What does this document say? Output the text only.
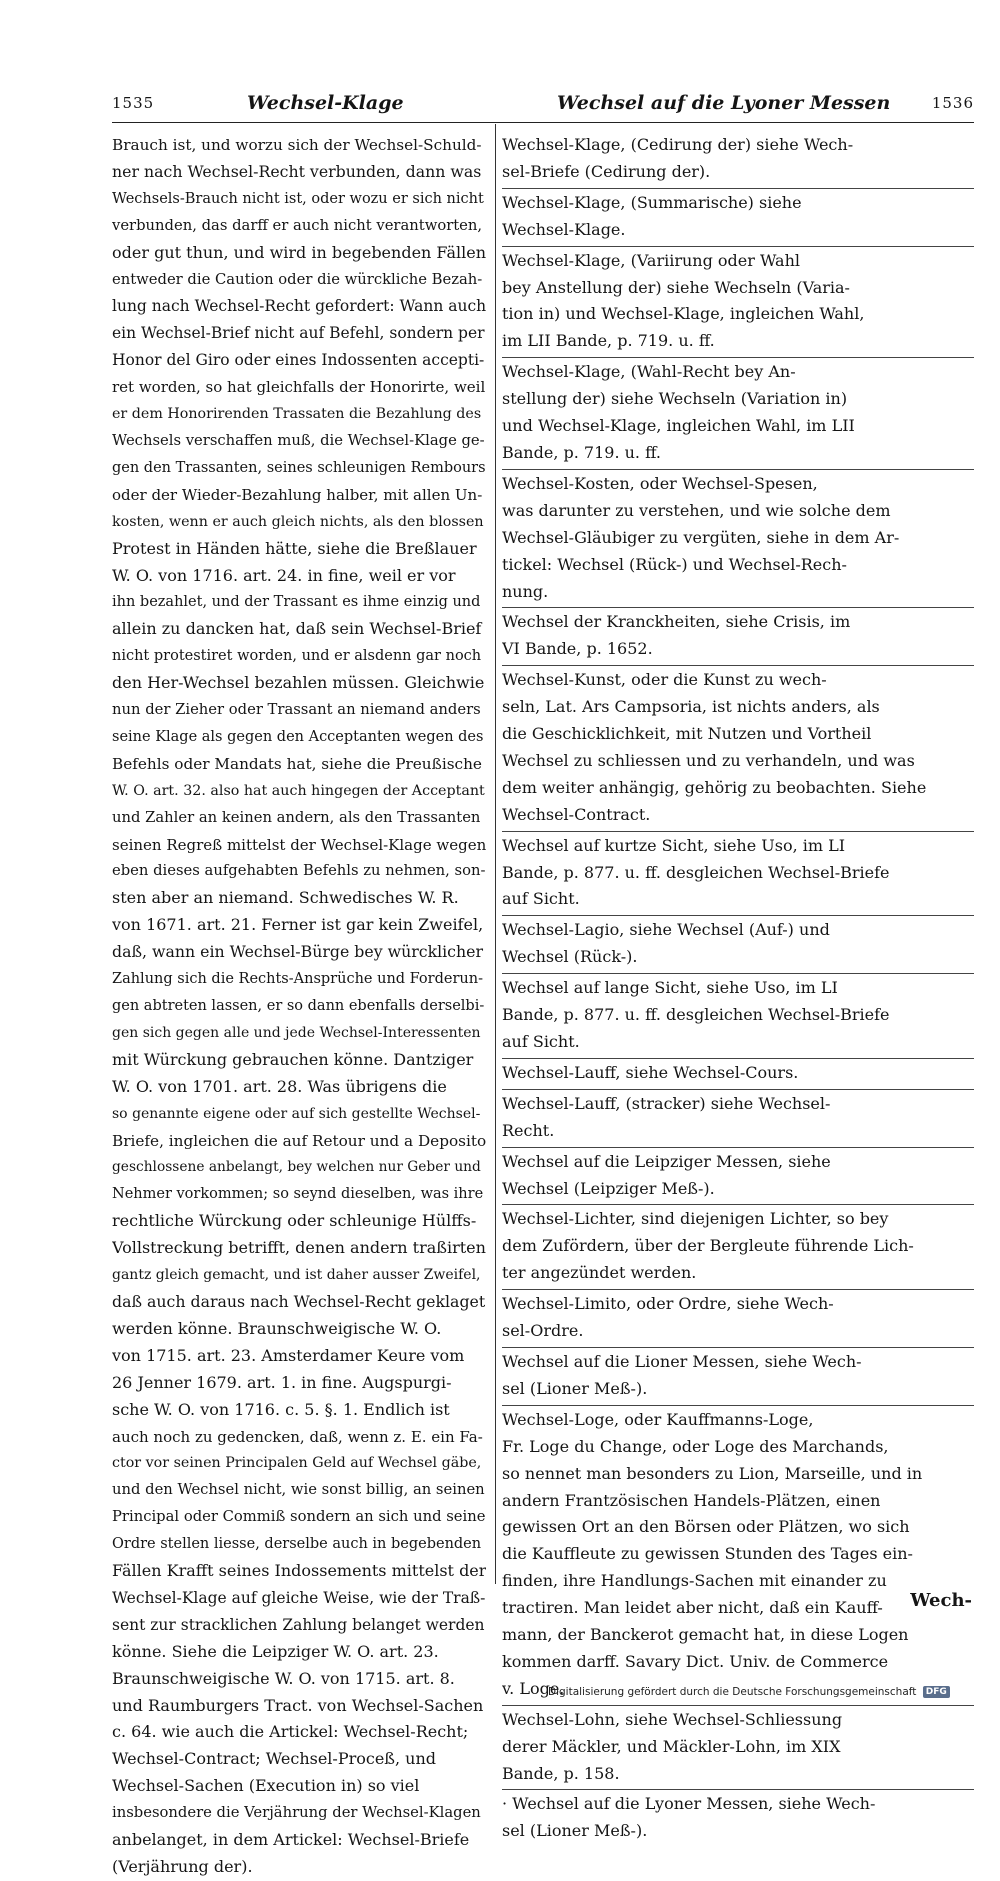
1535	Wechsel-Klage	Wechsel auf die Lyoner Messen	1536
Brauch ist, und worzu sich der Wechsel-Schuld-
ner nach Wechsel-Recht verbunden, dann was
Wechsels-Brauch nicht ist, oder wozu er sich nicht
verbunden, das darff er auch nicht verantworten,
oder gut thun, und wird in begebenden Fällen
entweder die Caution oder die würckliche Bezah-
lung nach Wechsel-Recht gefordert: Wann auch
ein Wechsel-Brief nicht auf Befehl, sondern per
Honor del Giro oder eines Indossenten accepti-
ret worden, so hat gleichfalls der Honorirte, weil
er dem Honorirenden Trassaten die Bezahlung des
Wechsels verschaffen muß, die Wechsel-Klage ge-
gen den Trassanten, seines schleunigen Rembours
oder der Wieder-Bezahlung halber, mit allen Un-
kosten, wenn er auch gleich nichts, als den blossen
Protest in Händen hätte, siehe die Breßlauer
W. O. von 1716. art. 24. in fine, weil er vor
ihn bezahlet, und der Trassant es ihme einzig und
allein zu dancken hat, daß sein Wechsel-Brief
nicht protestiret worden, und er alsdenn gar noch
den Her-Wechsel bezahlen müssen. Gleichwie
nun der Zieher oder Trassant an niemand anders
seine Klage als gegen den Acceptanten wegen des
Befehls oder Mandats hat, siehe die Preußische
W. O. art. 32. also hat auch hingegen der Acceptant
und Zahler an keinen andern, als den Trassanten
seinen Regreß mittelst der Wechsel-Klage wegen
eben dieses aufgehabten Befehls zu nehmen, son-
sten aber an niemand. Schwedisches W. R.
von 1671. art. 21. Ferner ist gar kein Zweifel,
daß, wann ein Wechsel-Bürge bey würcklicher
Zahlung sich die Rechts-Ansprüche und Forderun-
gen abtreten lassen, er so dann ebenfalls derselbi-
gen sich gegen alle und jede Wechsel-Interessenten
mit Würckung gebrauchen könne. Dantziger
W. O. von 1701. art. 28. Was übrigens die
so genannte eigene oder auf sich gestellte Wechsel-
Briefe, ingleichen die auf Retour und a Deposito
geschlossene anbelangt, bey welchen nur Geber und
Nehmer vorkommen; so seynd dieselben, was ihre
rechtliche Würckung oder schleunige Hülffs-
Vollstreckung betrifft, denen andern traßirten
gantz gleich gemacht, und ist daher ausser Zweifel,
daß auch daraus nach Wechsel-Recht geklaget
werden könne. Braunschweigische W. O.
von 1715. art. 23. Amsterdamer Keure vom
26 Jenner 1679. art. 1. in fine. Augspurgi-
sche W. O. von 1716. c. 5. §. 1. Endlich ist
auch noch zu gedencken, daß, wenn z. E. ein Fa-
ctor vor seinen Principalen Geld auf Wechsel gäbe,
und den Wechsel nicht, wie sonst billig, an seinen
Principal oder Commiß sondern an sich und seine
Ordre stellen liesse, derselbe auch in begebenden
Fällen Krafft seines Indossements mittelst der
Wechsel-Klage auf gleiche Weise, wie der Traß-
sent zur stracklichen Zahlung belanget werden
könne. Siehe die Leipziger W. O. art. 23.
Braunschweigische W. O. von 1715. art. 8.
und Raumburgers Tract. von Wechsel-Sachen
c. 64. wie auch die Artickel: Wechsel-Recht;
Wechsel-Contract; Wechsel-Proceß, und
Wechsel-Sachen (Execution in) so viel
insbesondere die Verjährung der Wechsel-Klagen
anbelanget, in dem Artickel: Wechsel-Briefe
(Verjährung der).
Wechsel-Klage, (Cedirung der) siehe Wech-
sel-Briefe (Cedirung der).
Wechsel-Klage, (Summarische) siehe
Wechsel-Klage.
Wechsel-Klage, (Variirung oder Wahl
bey Anstellung der) siehe Wechseln (Varia-
tion in) und Wechsel-Klage, ingleichen Wahl,
im LII Bande, p. 719. u. ff.
Wechsel-Klage, (Wahl-Recht bey An-
stellung der) siehe Wechseln (Variation in)
und Wechsel-Klage, ingleichen Wahl, im LII
Bande, p. 719. u. ff.
Wechsel-Kosten, oder Wechsel-Spesen,
was darunter zu verstehen, und wie solche dem
Wechsel-Gläubiger zu vergüten, siehe in dem Ar-
tickel: Wechsel (Rück-) und Wechsel-Rech-
nung.
Wechsel der Kranckheiten, siehe Crisis, im
VI Bande, p. 1652.
Wechsel-Kunst, oder die Kunst zu wech-
seln, Lat. Ars Campsoria, ist nichts anders, als
die Geschicklichkeit, mit Nutzen und Vortheil
Wechsel zu schliessen und zu verhandeln, und was
dem weiter anhängig, gehörig zu beobachten. Siehe
Wechsel-Contract.
Wechsel auf kurtze Sicht, siehe Uso, im LI
Bande, p. 877. u. ff. desgleichen Wechsel-Briefe
auf Sicht.
Wechsel-Lagio, siehe Wechsel (Auf-) und
Wechsel (Rück-).
Wechsel auf lange Sicht, siehe Uso, im LI
Bande, p. 877. u. ff. desgleichen Wechsel-Briefe
auf Sicht.
Wechsel-Lauff, siehe Wechsel-Cours.
Wechsel-Lauff, (stracker) siehe Wechsel-
Recht.
Wechsel auf die Leipziger Messen, siehe
Wechsel (Leipziger Meß-).
Wechsel-Lichter, sind diejenigen Lichter, so bey
dem Zufördern, über der Bergleute führende Lich-
ter angezündet werden.
Wechsel-Limito, oder Ordre, siehe Wech-
sel-Ordre.
Wechsel auf die Lioner Messen, siehe Wech-
sel (Lioner Meß-).
Wechsel-Loge, oder Kauffmanns-Loge,
Fr. Loge du Change, oder Loge des Marchands,
so nennet man besonders zu Lion, Marseille, und in
andern Frantzösischen Handels-Plätzen, einen
gewissen Ort an den Börsen oder Plätzen, wo sich
die Kauffleute zu gewissen Stunden des Tages ein-
finden, ihre Handlungs-Sachen mit einander zu
tractiren. Man leidet aber nicht, daß ein Kauff-
mann, der Banckerot gemacht hat, in diese Logen
kommen darff. Savary Dict. Univ. de Commerce
v. Loge.
Wechsel-Lohn, siehe Wechsel-Schliessung
derer Mäckler, und Mäckler-Lohn, im XIX
Bande, p. 158.
· Wechsel auf die Lyoner Messen, siehe Wech-
sel (Lioner Meß-).
Wech-
Digitalisierung gefördert durch die Deutsche Forschungsgemeinschaft DFG
